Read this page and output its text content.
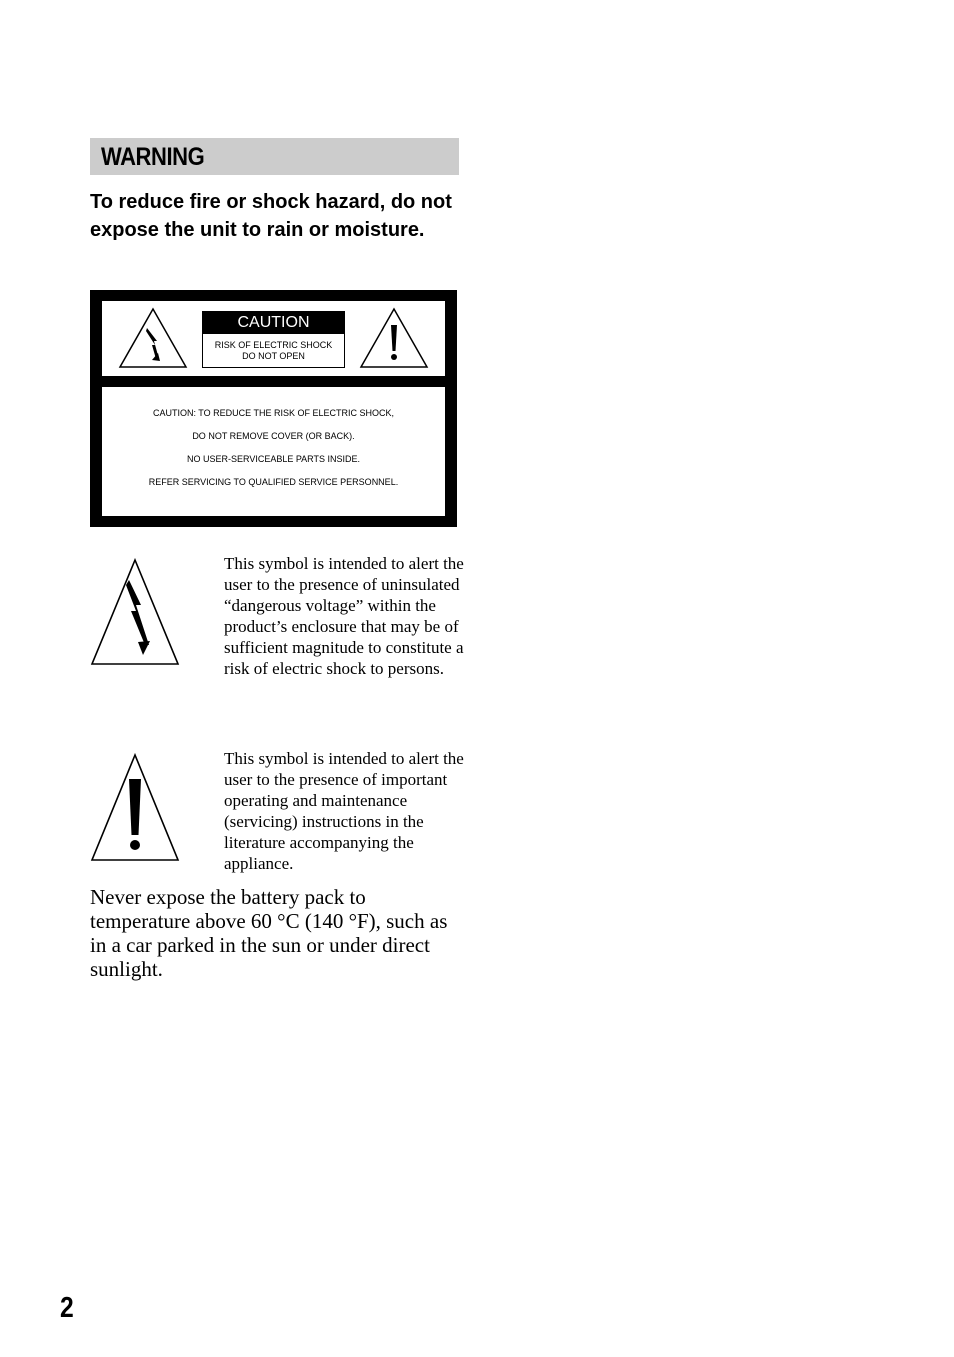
WARNING

To reduce fire or shock hazard, do not expose the unit to rain or moisture.

CAUTION
RISK OF ELECTRIC SHOCK
DO NOT OPEN
CAUTION: TO REDUCE THE RISK OF ELECTRIC SHOCK,
DO NOT REMOVE COVER (OR BACK).
NO USER-SERVICEABLE PARTS INSIDE.
REFER SERVICING TO QUALIFIED SERVICE PERSONNEL.

This symbol is intended to alert the user to the presence of uninsulated “dangerous voltage” within the product’s enclosure that may be of sufficient magnitude to constitute a risk of electric shock to persons.

This symbol is intended to alert the user to the presence of important operating and maintenance (servicing) instructions in the literature accompanying the appliance.

Never expose the battery pack to temperature above 60 °C (140 °F), such as in a car parked in the sun or under direct sunlight.

2
